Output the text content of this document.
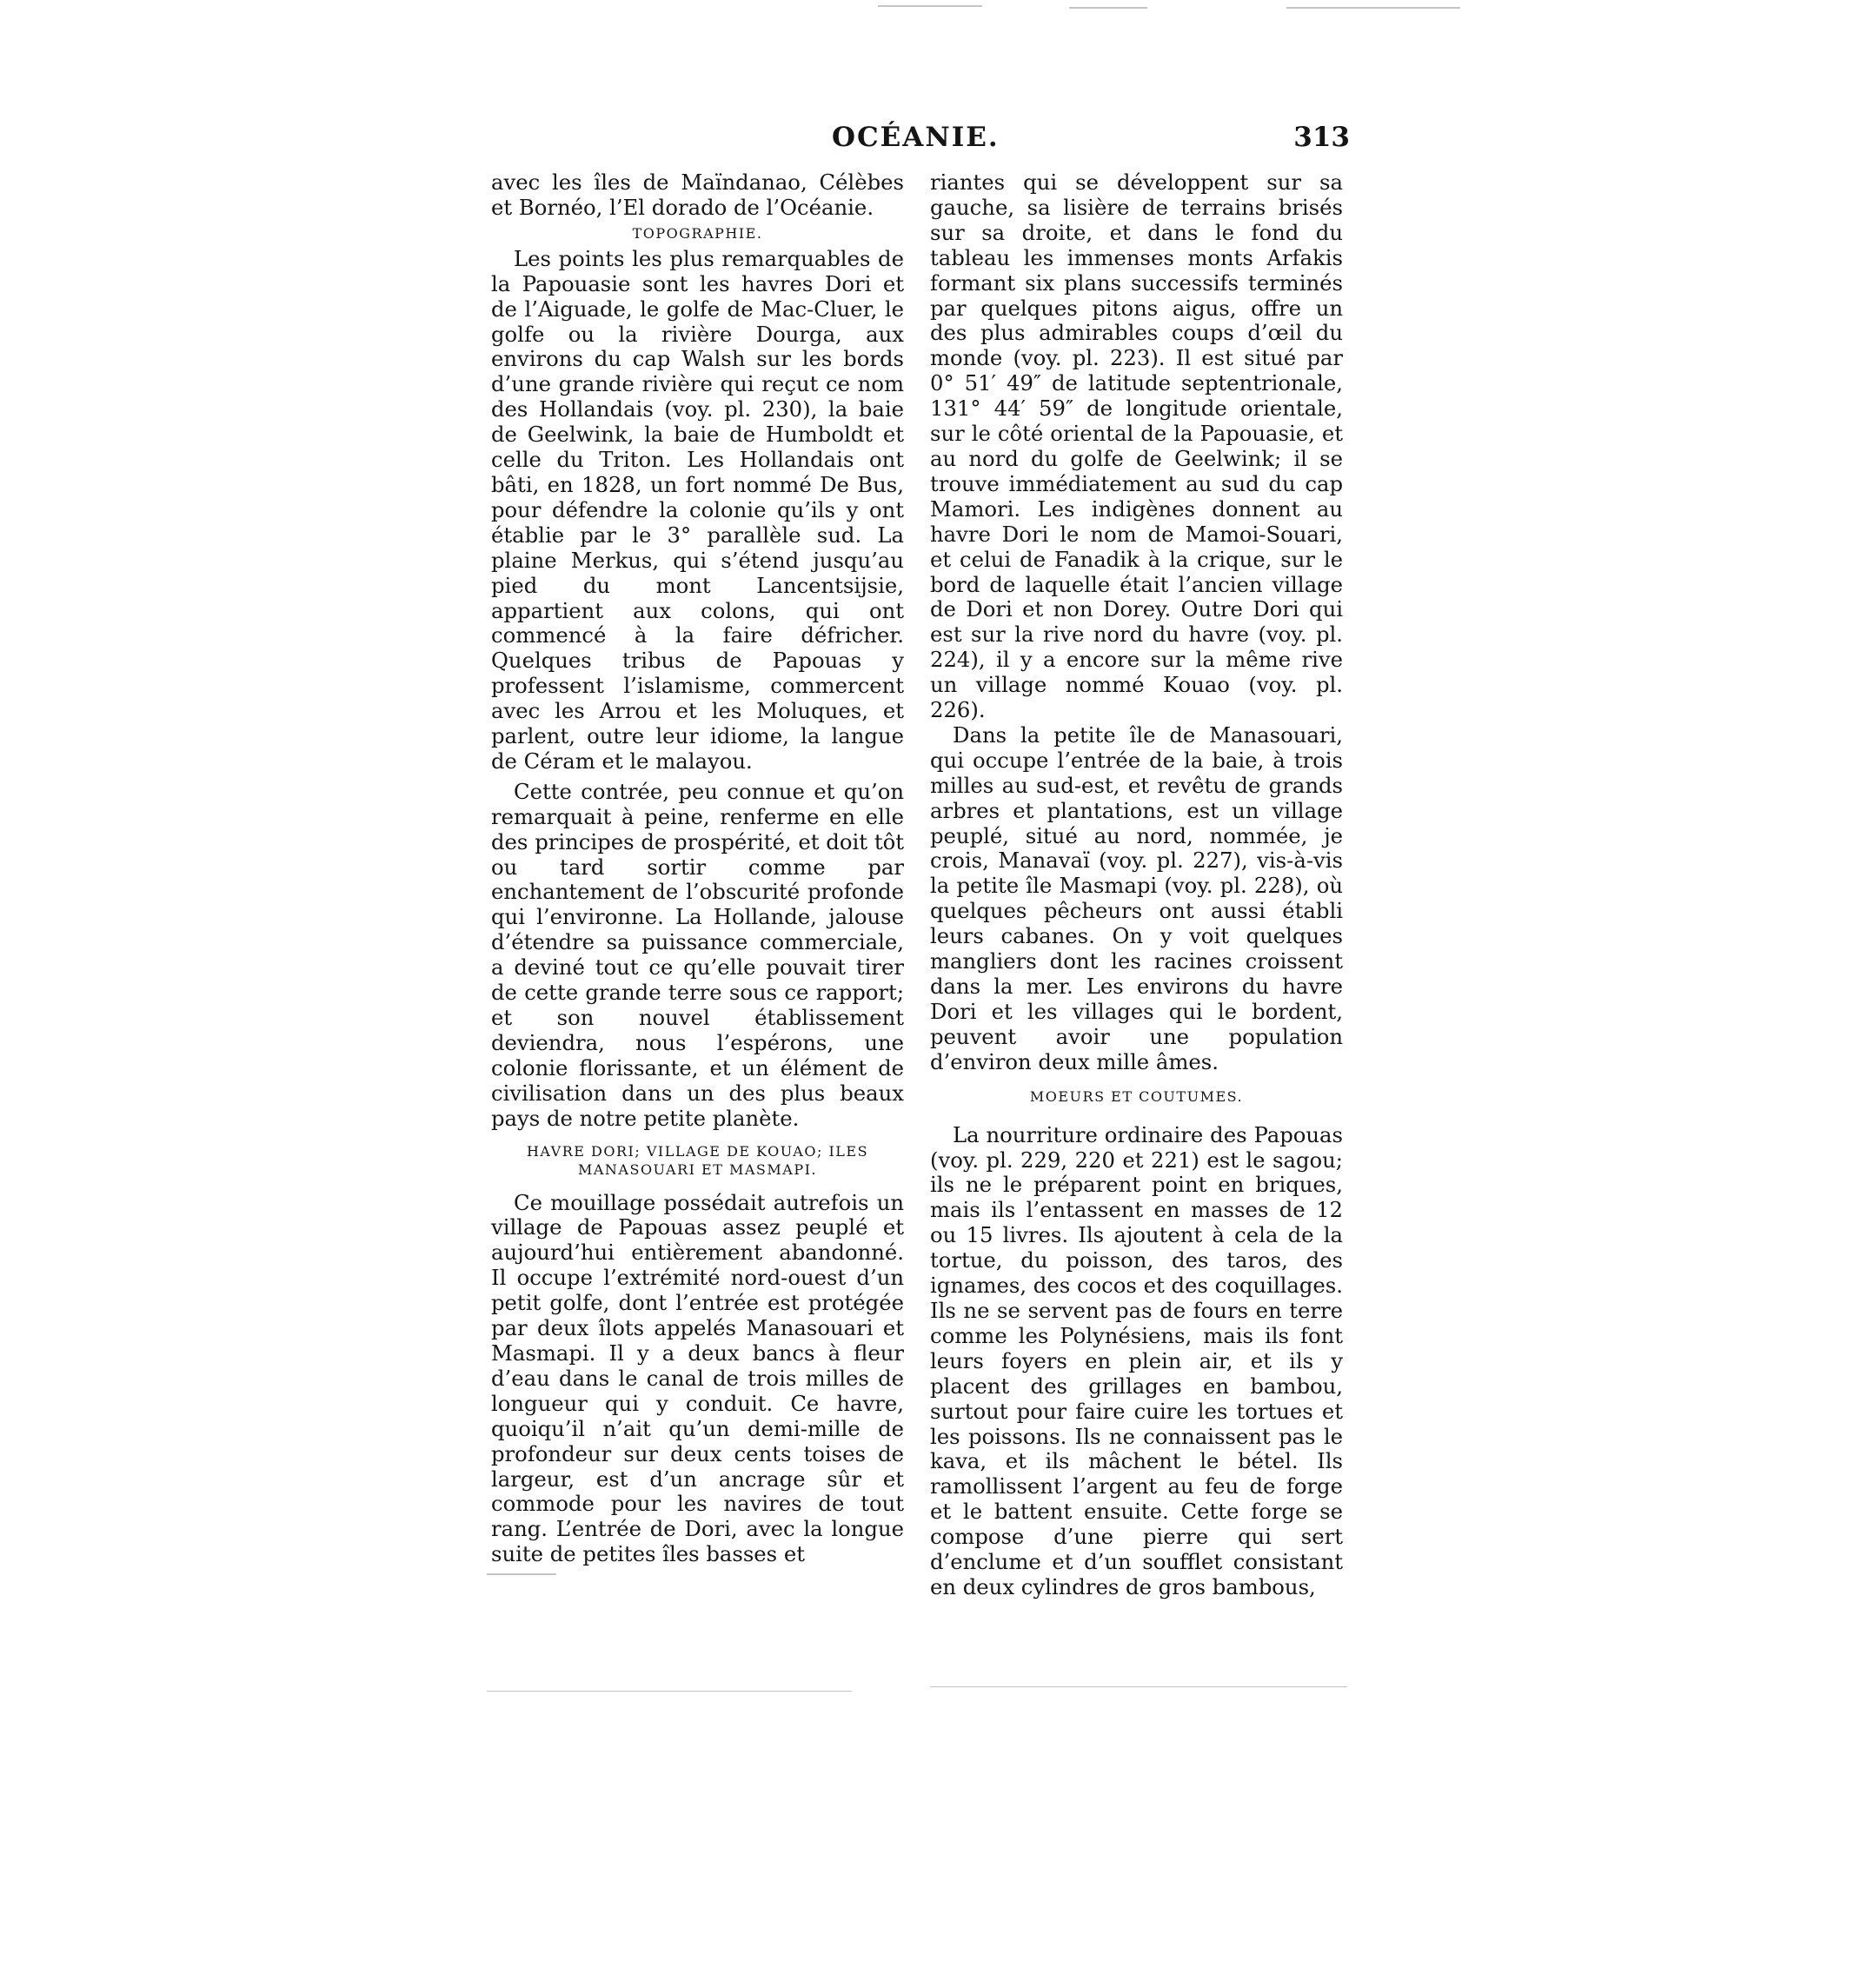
OCÉANIE.	313

avec les îles de Maïndanao, Célèbes et Bornéo, l’El dorado de l’Océanie.

TOPOGRAPHIE.

Les points les plus remarquables de la Papouasie sont les havres Dori et de l’Aiguade, le golfe de Mac-Cluer, le golfe ou la rivière Dourga, aux environs du cap Walsh sur les bords d’une grande rivière qui reçut ce nom des Hollandais (voy. pl. 230), la baie de Geelwink, la baie de Humboldt et celle du Triton. Les Hollandais ont bâti, en 1828, un fort nommé De Bus, pour défendre la colonie qu’ils y ont établie par le 3° parallèle sud. La plaine Merkus, qui s’étend jusqu’au pied du mont Lancentsijsie, appartient aux colons, qui ont commencé à la faire défricher. Quelques tribus de Papouas y professent l’islamisme, commercent avec les Arrou et les Moluques, et parlent, outre leur idiome, la langue de Céram et le malayou.

Cette contrée, peu connue et qu’on remarquait à peine, renferme en elle des principes de prospérité, et doit tôt ou tard sortir comme par enchantement de l’obscurité profonde qui l’environne. La Hollande, jalouse d’étendre sa puissance commerciale, a deviné tout ce qu’elle pouvait tirer de cette grande terre sous ce rapport; et son nouvel établissement deviendra, nous l’espérons, une colonie florissante, et un élément de civilisation dans un des plus beaux pays de notre petite planète.

HAVRE DORI; VILLAGE DE KOUAO; ILES MANASOUARI ET MASMAPI.

Ce mouillage possédait autrefois un village de Papouas assez peuplé et aujourd’hui entièrement abandonné. Il occupe l’extrémité nord-ouest d’un petit golfe, dont l’entrée est protégée par deux îlots appelés Manasouari et Masmapi. Il y a deux bancs à fleur d’eau dans le canal de trois milles de longueur qui y conduit. Ce havre, quoiqu’il n’ait qu’un demi-mille de profondeur sur deux cents toises de largeur, est d’un ancrage sûr et commode pour les navires de tout rang. L’entrée de Dori, avec la longue suite de petites îles basses et

riantes qui se développent sur sa gauche, sa lisière de terrains brisés sur sa droite, et dans le fond du tableau les immenses monts Arfakis formant six plans successifs terminés par quelques pitons aigus, offre un des plus admirables coups d’œil du monde (voy. pl. 223). Il est situé par 0° 51′ 49″ de latitude septentrionale, 131° 44′ 59″ de longitude orientale, sur le côté oriental de la Papouasie, et au nord du golfe de Geelwink; il se trouve immédiatement au sud du cap Mamori. Les indigènes donnent au havre Dori le nom de Mamoi-Souari, et celui de Fanadik à la crique, sur le bord de laquelle était l’ancien village de Dori et non Dorey. Outre Dori qui est sur la rive nord du havre (voy. pl. 224), il y a encore sur la même rive un village nommé Kouao (voy. pl. 226).

Dans la petite île de Manasouari, qui occupe l’entrée de la baie, à trois milles au sud-est, et revêtu de grands arbres et plantations, est un village peuplé, situé au nord, nommée, je crois, Manavaï (voy. pl. 227), vis-à-vis la petite île Masmapi (voy. pl. 228), où quelques pêcheurs ont aussi établi leurs cabanes. On y voit quelques mangliers dont les racines croissent dans la mer. Les environs du havre Dori et les villages qui le bordent, peuvent avoir une population d’environ deux mille âmes.

MOEURS ET COUTUMES.

La nourriture ordinaire des Papouas (voy. pl. 229, 220 et 221) est le sagou; ils ne le préparent point en briques, mais ils l’entassent en masses de 12 ou 15 livres. Ils ajoutent à cela de la tortue, du poisson, des taros, des ignames, des cocos et des coquillages. Ils ne se servent pas de fours en terre comme les Polynésiens, mais ils font leurs foyers en plein air, et ils y placent des grillages en bambou, surtout pour faire cuire les tortues et les poissons. Ils ne connaissent pas le kava, et ils mâchent le bétel. Ils ramollissent l’argent au feu de forge et le battent ensuite. Cette forge se compose d’une pierre qui sert d’enclume et d’un soufflet consistant en deux cylindres de gros bambous,
